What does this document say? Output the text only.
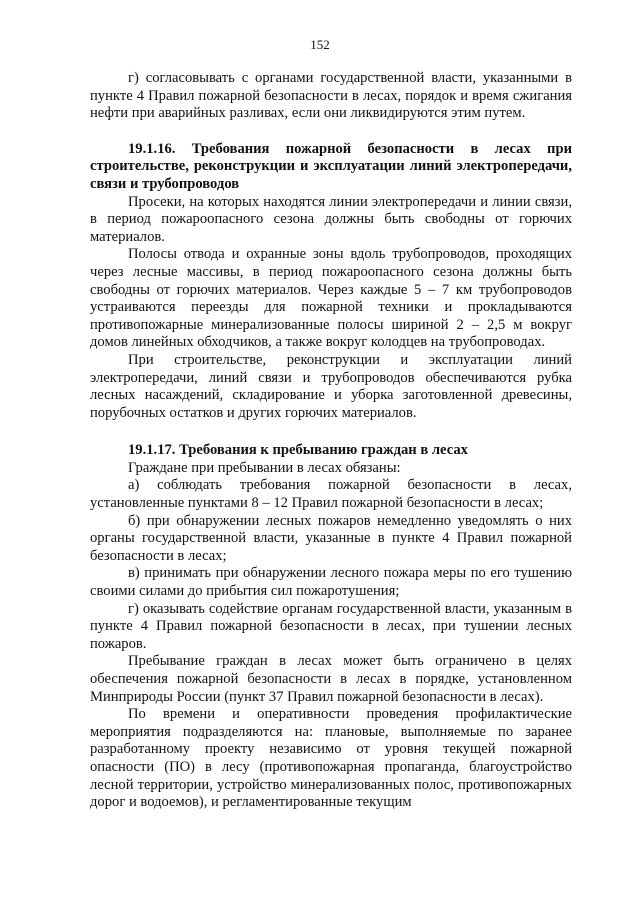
152

г) согласовывать с органами государственной власти, указанными в пункте 4 Правил пожарной безопасности в лесах, порядок и время сжигания нефти при аварийных разливах, если они ликвидируются этим путем.

19.1.16. Требования пожарной безопасности в лесах при строительстве, реконструкции и эксплуатации линий электропередачи, связи и трубопроводов

Просеки, на которых находятся линии электропередачи и линии связи, в период пожароопасного сезона должны быть свободны от горючих материалов.

Полосы отвода и охранные зоны вдоль трубопроводов, проходящих через лесные массивы, в период пожароопасного сезона должны быть свободны от горючих материалов. Через каждые 5 – 7 км трубопроводов устраиваются переезды для пожарной техники и прокладываются противопожарные минерализованные полосы шириной 2 – 2,5 м вокруг домов линейных обходчиков, а также вокруг колодцев на трубопроводах.

При строительстве, реконструкции и эксплуатации линий электропередачи, линий связи и трубопроводов обеспечиваются рубка лесных насаждений, складирование и уборка заготовленной древесины, порубочных остатков и других горючих материалов.

19.1.17. Требования к пребыванию граждан в лесах

Граждане при пребывании в лесах обязаны:

а) соблюдать требования пожарной безопасности в лесах, установленные пунктами 8 – 12 Правил пожарной безопасности в лесах;

б) при обнаружении лесных пожаров немедленно уведомлять о них органы государственной власти, указанные в пункте 4 Правил пожарной безопасности в лесах;

в) принимать при обнаружении лесного пожара меры по его тушению своими силами до прибытия сил пожаротушения;

г) оказывать содействие органам государственной власти, указанным в пункте 4 Правил пожарной безопасности в лесах, при тушении лесных пожаров.

Пребывание граждан в лесах может быть ограничено в целях обеспечения пожарной безопасности в лесах в порядке, установленном Минприроды России (пункт 37 Правил пожарной безопасности в лесах).

По времени и оперативности проведения профилактические мероприятия подразделяются на: плановые, выполняемые по заранее разработанному проекту независимо от уровня текущей пожарной опасности (ПО) в лесу (противопожарная пропаганда, благоустройство лесной территории, устройство минерализованных полос, противопожарных дорог и водоемов), и регламентированные текущим
